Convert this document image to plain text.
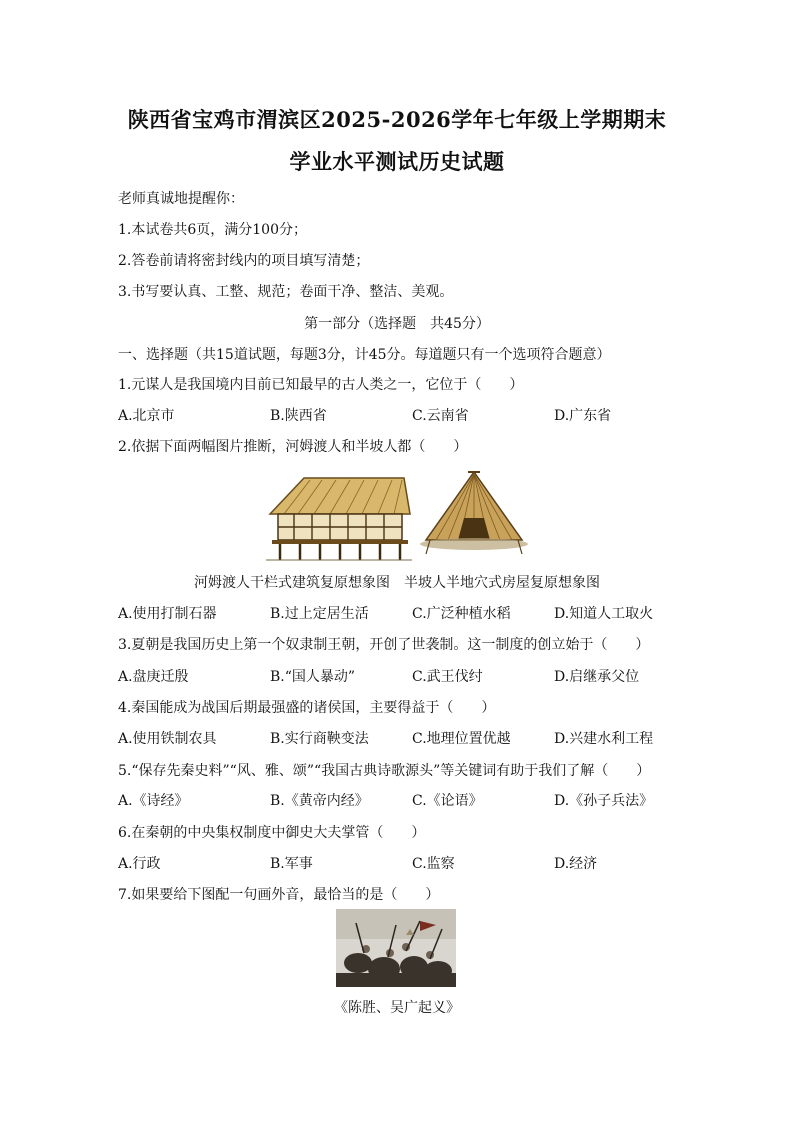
陕西省宝鸡市渭滨区2025-2026学年七年级上学期期末
学业水平测试历史试题
老师真诚地提醒你：
1.本试卷共6页，满分100分；
2.答卷前请将密封线内的项目填写清楚；
3.书写要认真、工整、规范；卷面干净、整洁、美观。
第一部分（选择题　共45分）
一、选择题（共15道试题，每题3分，计45分。每道题只有一个选项符合题意）
1.元谋人是我国境内目前已知最早的古人类之一，它位于（　　）
A.北京市	B.陕西省	C.云南省	D.广东省
2.依据下面两幅图片推断，河姆渡人和半坡人都（　　）
河姆渡人干栏式建筑复原想象图　半坡人半地穴式房屋复原想象图
A.使用打制石器	B.过上定居生活	C.广泛种植水稻	D.知道人工取火
3.夏朝是我国历史上第一个奴隶制王朝，开创了世袭制。这一制度的创立始于（　　）
A.盘庚迁殷	B.“国人暴动”	C.武王伐纣	D.启继承父位
4.秦国能成为战国后期最强盛的诸侯国，主要得益于（　　）
A.使用铁制农具	B.实行商鞅变法	C.地理位置优越	D.兴建水利工程
5.“保存先秦史料”“风、雅、颂”“我国古典诗歌源头”等关键词有助于我们了解（　　）
A.《诗经》	B.《黄帝内经》	C.《论语》	D.《孙子兵法》
6.在秦朝的中央集权制度中御史大夫掌管（　　）
A.行政	B.军事	C.监察	D.经济
7.如果要给下图配一句画外音，最恰当的是（　　）
《陈胜、吴广起义》
